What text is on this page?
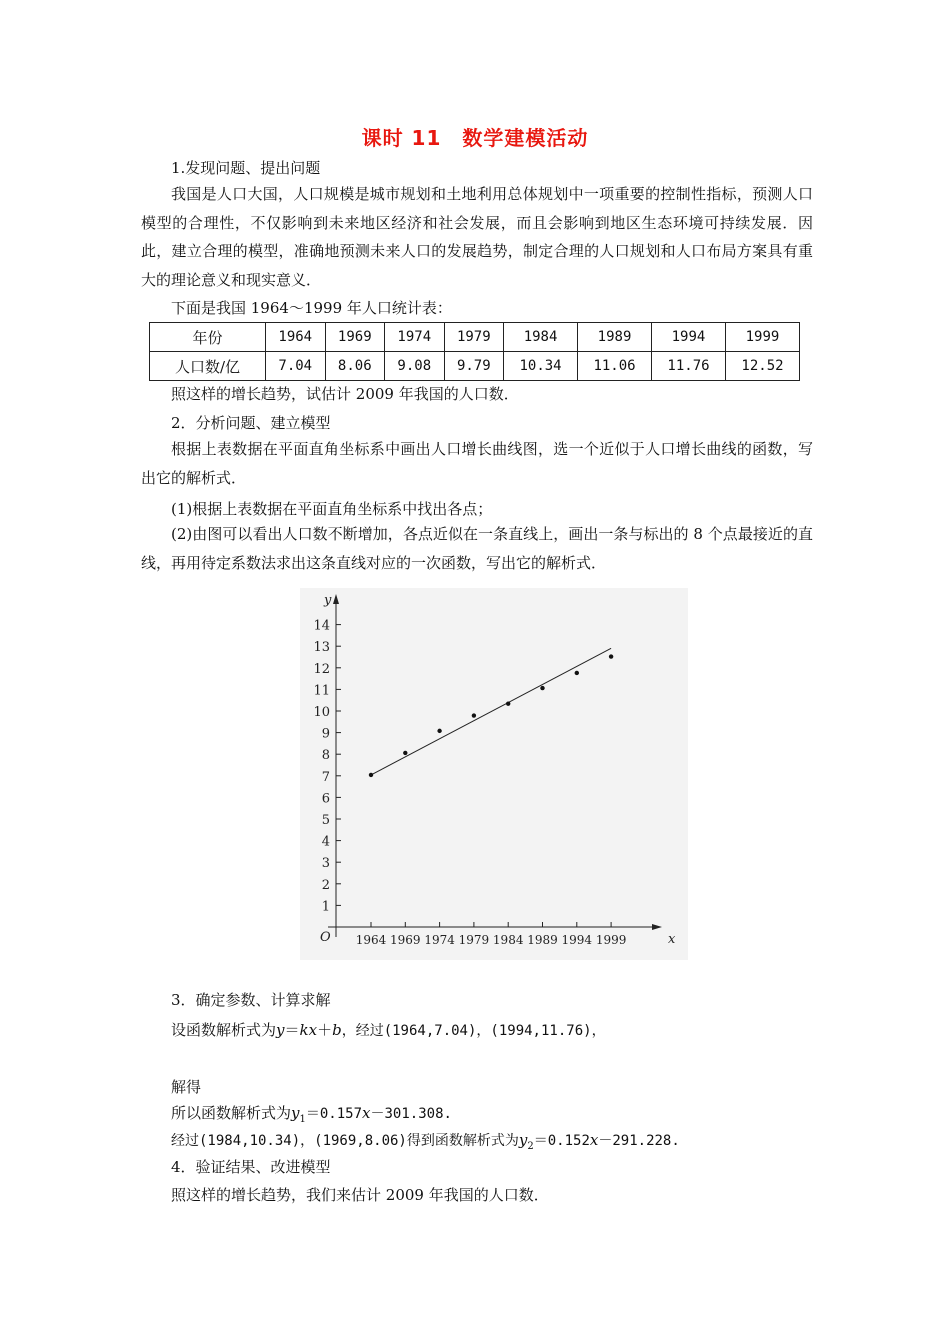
课时 11　数学建模活动
1.发现问题、提出问题
我国是人口大国，人口规模是城市规划和土地利用总体规划中一项重要的控制性指标，预测人口模型的合理性，不仅影响到未来地区经济和社会发展，而且会影响到地区生态环境可持续发展．因此，建立合理的模型，准确地预测未来人口的发展趋势，制定合理的人口规划和人口布局方案具有重大的理论意义和现实意义．
下面是我国 1964～1999 年人口统计表：
年份	1964	1969	1974	1979	1984	1989	1994	1999
人口数/亿	7.04	8.06	9.08	9.79	10.34	11.06	11.76	12.52
照这样的增长趋势，试估计 2009 年我国的人口数．
2．分析问题、建立模型
根据上表数据在平面直角坐标系中画出人口增长曲线图，选一个近似于人口增长曲线的函数，写出它的解析式．
(1)根据上表数据在平面直角坐标系中找出各点；
(2)由图可以看出人口数不断增加，各点近似在一条直线上，画出一条与标出的 8 个点最接近的直线，再用待定系数法求出这条直线对应的一次函数，写出它的解析式．
y
x
O
1
2
3
4
5
6
7
8
9
10
11
12
13
14
1964 1969 1974 1979 1984 1989 1994 1999
3．确定参数、计算求解
设函数解析式为y＝kx＋b，经过(1964,7.04)，(1994,11.76)，
解得
所以函数解析式为$y_1=0.157x-301.308$.
经过(1984,10.34)，(1969,8.06)得到函数解析式为$y_2=0.152x-291.228$.
4．验证结果、改进模型
照这样的增长趋势，我们来估计 2009 年我国的人口数．
